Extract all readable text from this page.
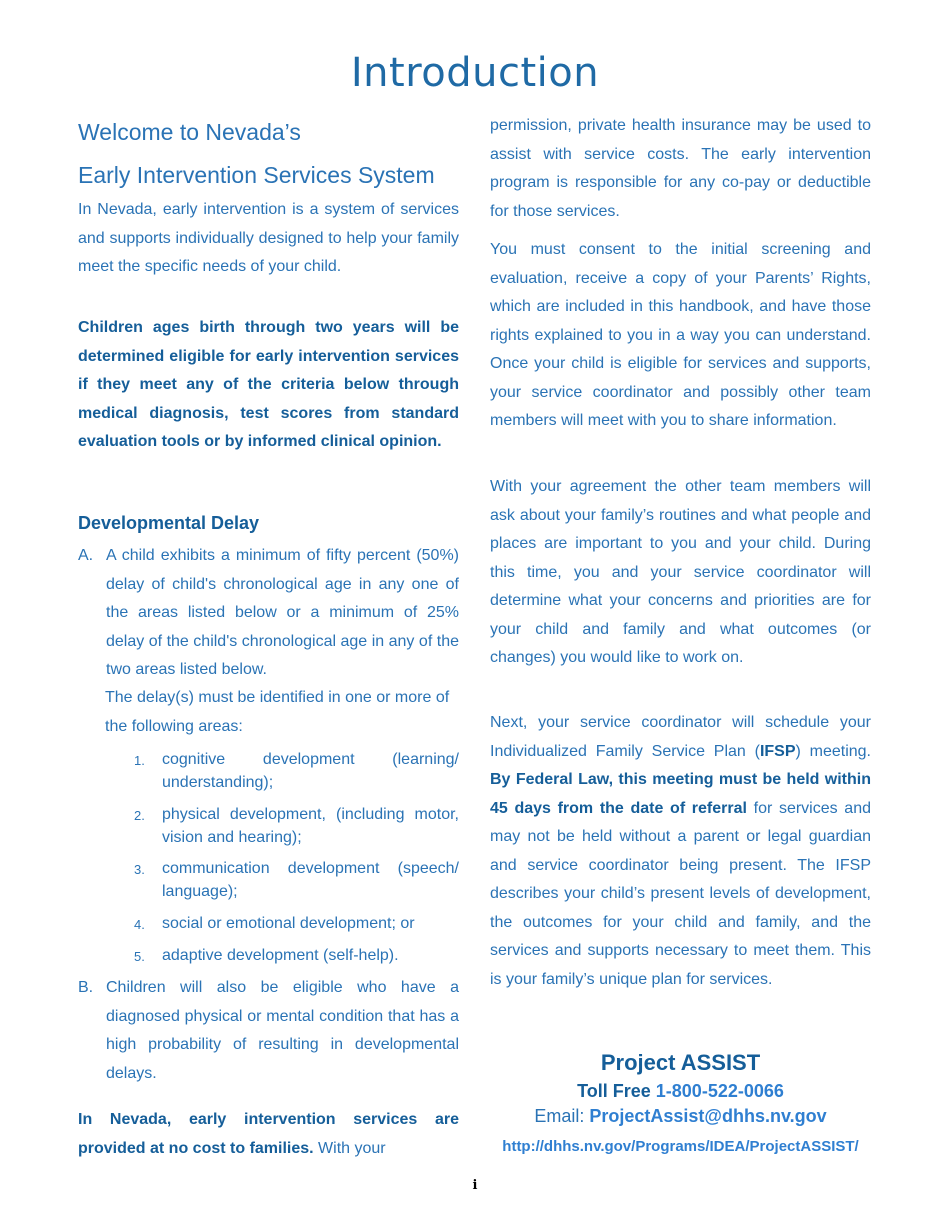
Introduction
Welcome to Nevada’s
Early Intervention Services System
In Nevada, early intervention is a system of services and supports individually designed to help your family meet the specific needs of your child.
Children ages birth through two years will be determined eligible for early intervention services if they meet any of the criteria below through medical diagnosis, test scores from standard evaluation tools or by informed clinical opinion.
Developmental Delay
A. A child exhibits a minimum of fifty percent (50%) delay of child's chronological age in any one of the areas listed below or a minimum of 25% delay of the child's chronological age in any of the two areas listed below.
The delay(s) must be identified in one or more of the following areas:
1. cognitive development (learning/ understanding);
2. physical development, (including motor, vision and hearing);
3. communication development (speech/ language);
4. social or emotional development; or
5. adaptive development (self-help).
B. Children will also be eligible who have a diagnosed physical or mental condition that has a high probability of resulting in developmental delays.
In Nevada, early intervention services are provided at no cost to families. With your
permission, private health insurance may be used to assist with service costs. The early intervention program is responsible for any co-pay or deductible for those services.
You must consent to the initial screening and evaluation, receive a copy of your Parents’ Rights, which are included in this handbook, and have those rights explained to you in a way you can understand. Once your child is eligible for services and supports, your service coordinator and possibly other team members will meet with you to share information.
With your agreement the other team members will ask about your family’s routines and what people and places are important to you and your child. During this time, you and your service coordinator will determine what your concerns and priorities are for your child and family and what outcomes (or changes) you would like to work on.
Next, your service coordinator will schedule your Individualized Family Service Plan (IFSP) meeting. By Federal Law, this meeting must be held within 45 days from the date of referral for services and may not be held without a parent or legal guardian and service coordinator being present. The IFSP describes your child’s present levels of development, the outcomes for your child and family, and the services and supports necessary to meet them. This is your family’s unique plan for services.
Project ASSIST
Toll Free 1-800-522-0066
Email: ProjectAssist@dhhs.nv.gov
http://dhhs.nv.gov/Programs/IDEA/ProjectASSIST/
i
